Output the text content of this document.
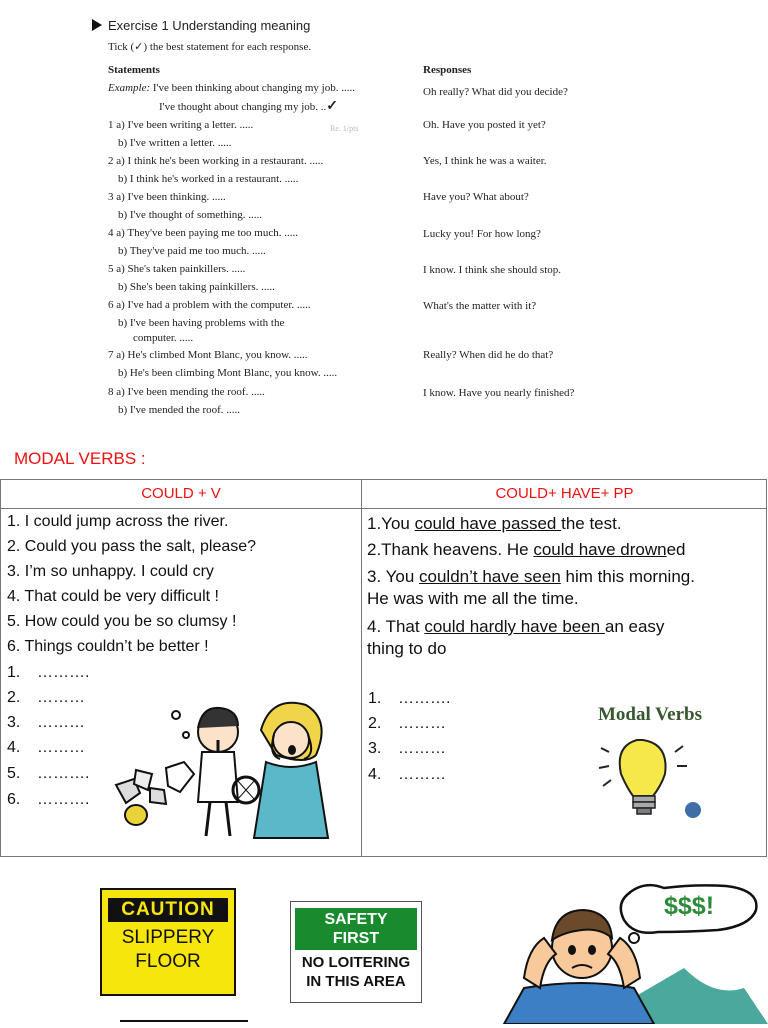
Exercise 1 Understanding meaning
Tick (✓) the best statement for each response.
Statements	Responses
Example: I've been thinking about changing my job. .....
I've thought about changing my job. ..✓
Oh really? What did you decide?
Re. 1/pts
1 a) I've been writing a letter. .....
b) I've written a letter. .....
Oh. Have you posted it yet?
2 a) I think he's been working in a restaurant. .....
b) I think he's worked in a restaurant. .....
Yes, I think he was a waiter.
3 a) I've been thinking. .....
b) I've thought of something. .....
Have you? What about?
4 a) They've been paying me too much. .....
b) They've paid me too much. .....
Lucky you! For how long?
5 a) She's taken painkillers. .....
b) She's been taking painkillers. .....
I know. I think she should stop.
6 a) I've had a problem with the computer. .....
b) I've been having problems with the
computer. .....
What's the matter with it?
7 a) He's climbed Mont Blanc, you know. .....
b) He's been climbing Mont Blanc, you know. .....
Really? When did he do that?
8 a) I've been mending the roof. .....
b) I've mended the roof. .....
I know. Have you nearly finished?
MODAL VERBS :
COULD + V	COULD+ HAVE+ PP
1. I could jump across the river.
2. Could you pass the salt, please?
3. I’m so unhappy. I could cry
4. That could be very difficult !
5. How could you be so clumsy !
6. Things couldn’t be better !
1. ……….
2. ………
3. ………
4. ………
5. ……….
6. ……….
1.You could have passed the test.
2.Thank heavens. He could have drowned
3. You couldn’t have seen him this morning.
He was with me all the time.
4. That could hardly have been an easy
thing to do
1. ……….
2. ………
3. ………
4. ………
Modal Verbs
CAUTION
SLIPPERY
FLOOR
SAFETY
FIRST
NO LOITERING
IN THIS AREA
$$$!
